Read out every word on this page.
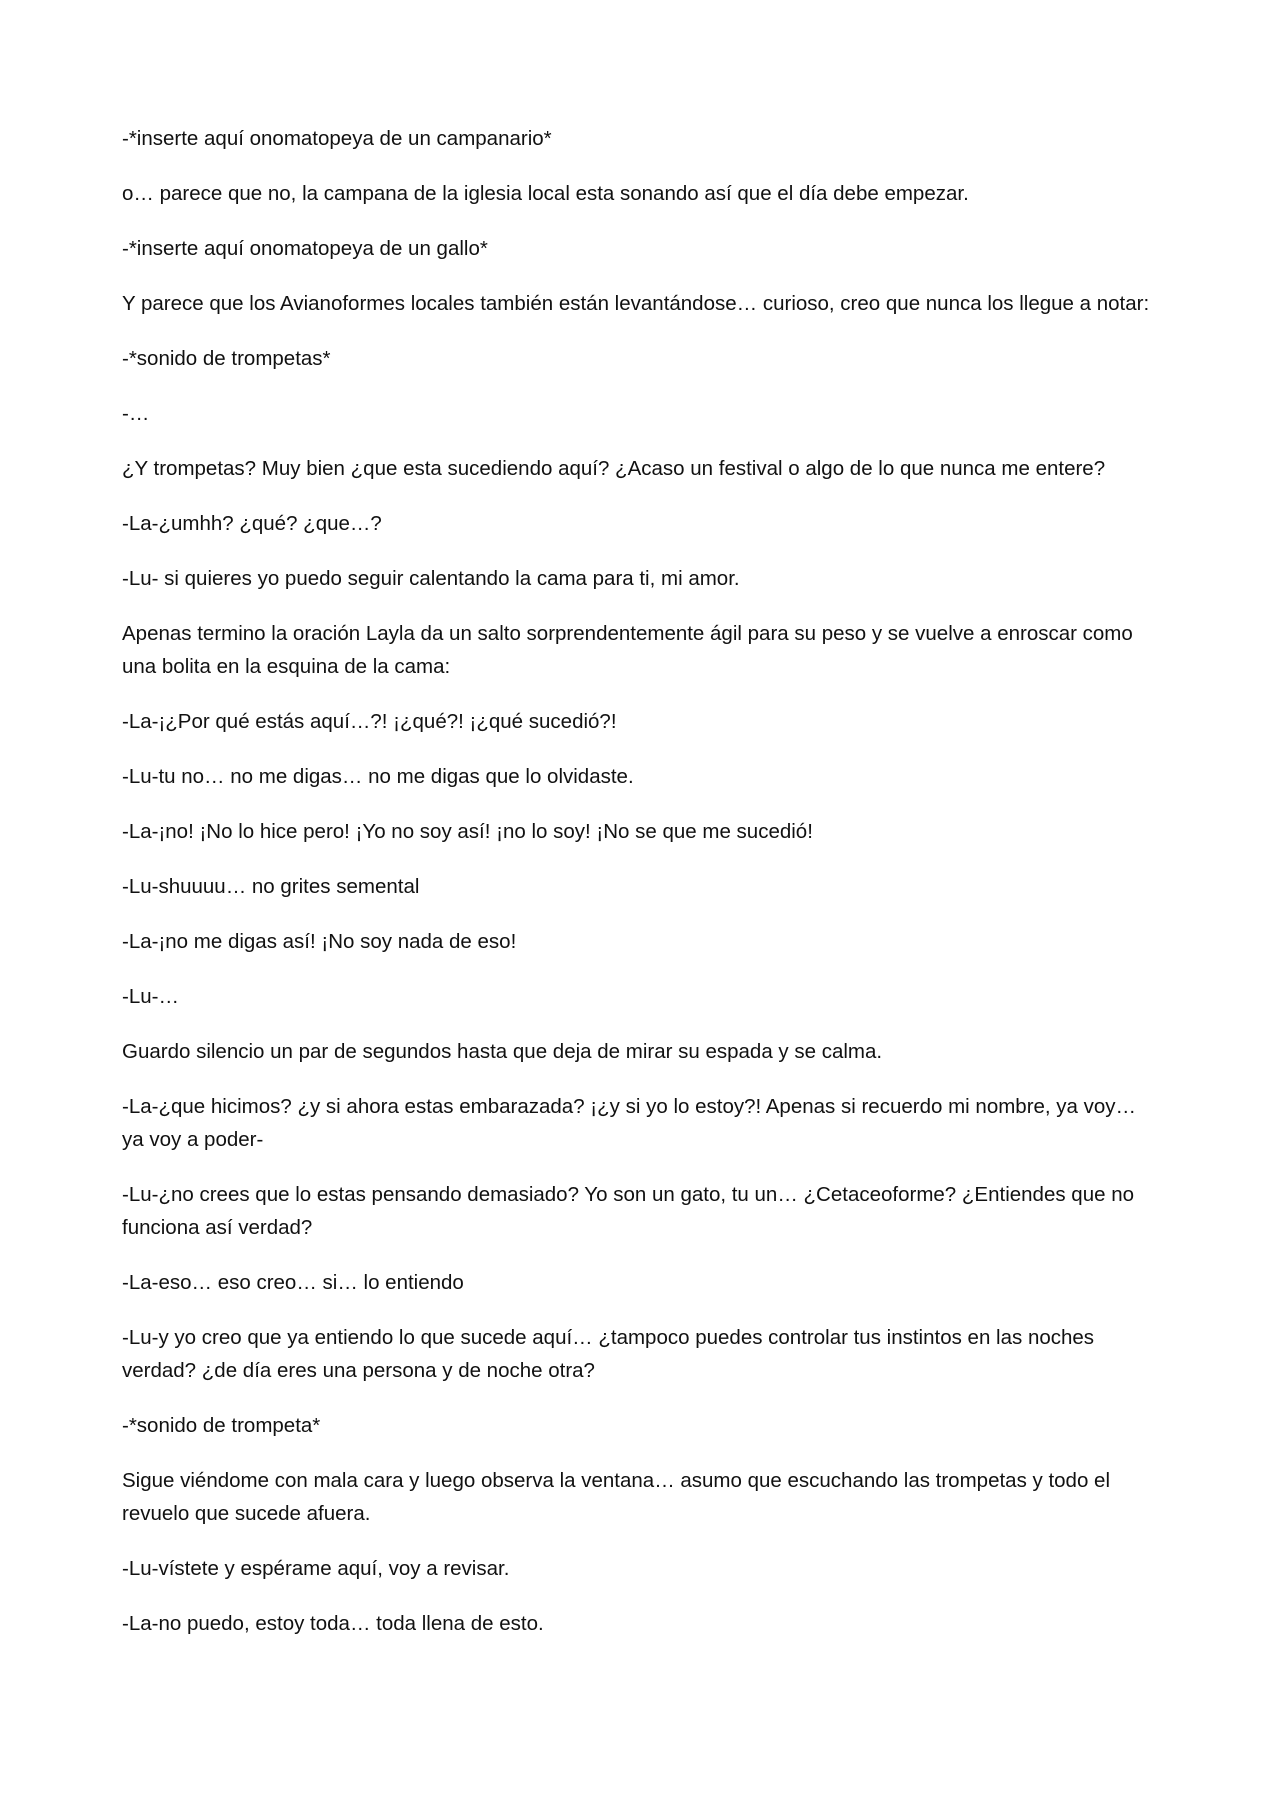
-*inserte aquí onomatopeya de un campanario*

o… parece que no, la campana de la iglesia local esta sonando así que el día debe empezar.

-*inserte aquí onomatopeya de un gallo*

Y parece que los Avianoformes locales también están levantándose… curioso, creo que nunca los llegue a notar:

-*sonido de trompetas*

-…

¿Y trompetas? Muy bien ¿que esta sucediendo aquí? ¿Acaso un festival o algo de lo que nunca me entere?

-La-¿umhh? ¿qué? ¿que…?

-Lu- si quieres yo puedo seguir calentando la cama para ti, mi amor.

Apenas termino la oración Layla da un salto sorprendentemente ágil para su peso y se vuelve a enroscar como una bolita en la esquina de la cama:

-La-¡¿Por qué estás aquí…?! ¡¿qué?! ¡¿qué sucedió?!

-Lu-tu no… no me digas… no me digas que lo olvidaste.

-La-¡no! ¡No lo hice pero! ¡Yo no soy así! ¡no lo soy! ¡No se que me sucedió!

-Lu-shuuuu… no grites semental

-La-¡no me digas así! ¡No soy nada de eso!

-Lu-…

Guardo silencio un par de segundos hasta que deja de mirar su espada y se calma.

-La-¿que hicimos? ¿y si ahora estas embarazada? ¡¿y si yo lo estoy?! Apenas si recuerdo mi nombre, ya voy… ya voy a poder-

-Lu-¿no crees que lo estas pensando demasiado? Yo son un gato, tu un… ¿Cetaceoforme? ¿Entiendes que no funciona así verdad?

-La-eso… eso creo… si… lo entiendo

-Lu-y yo creo que ya entiendo lo que sucede aquí… ¿tampoco puedes controlar tus instintos en las noches verdad? ¿de día eres una persona y de noche otra?

-*sonido de trompeta*

Sigue viéndome con mala cara y luego observa la ventana… asumo que escuchando las trompetas y todo el revuelo que sucede afuera.

-Lu-vístete y espérame aquí, voy a revisar.

-La-no puedo, estoy toda… toda llena de esto.
